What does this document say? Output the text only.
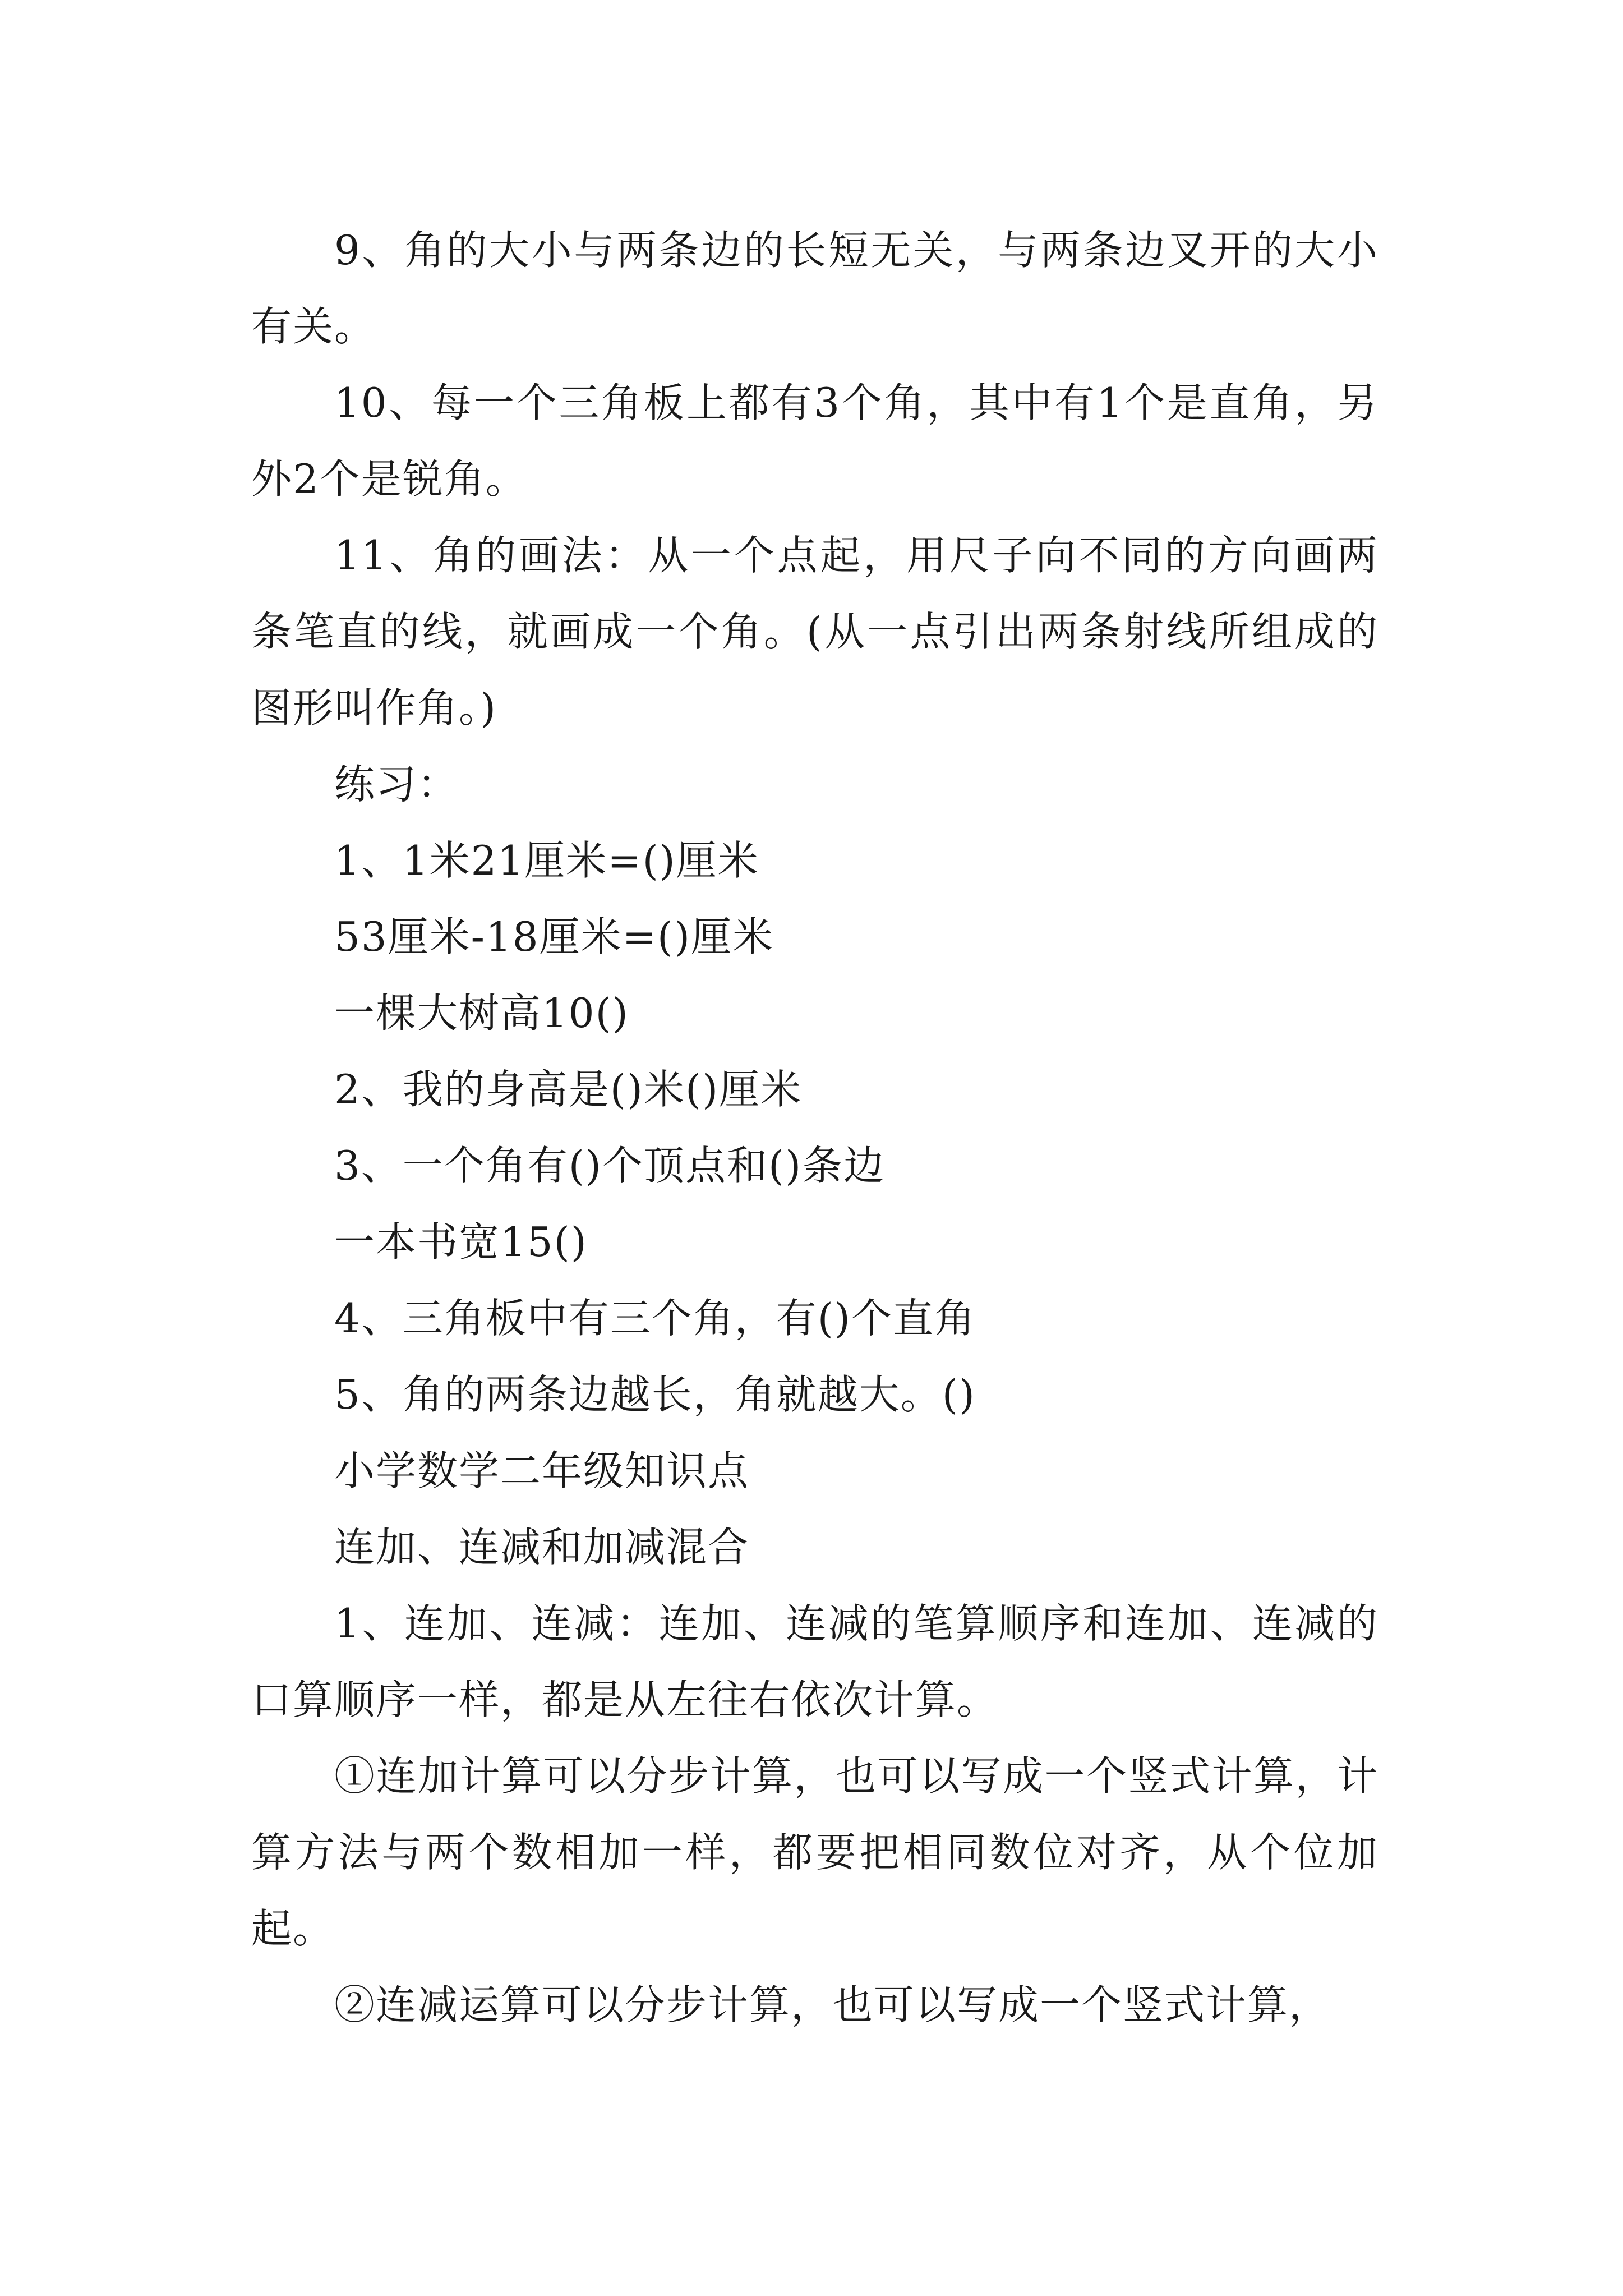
9、角的大小与两条边的长短无关，与两条边叉开的大小有关。

10、每一个三角板上都有3个角，其中有1个是直角，另外2个是锐角。

11、角的画法：从一个点起，用尺子向不同的方向画两条笔直的线，就画成一个角。(从一点引出两条射线所组成的图形叫作角。)

练习：

1、1米21厘米=()厘米

53厘米-18厘米=()厘米

一棵大树高10()

2、我的身高是()米()厘米

3、一个角有()个顶点和()条边

一本书宽15()

4、三角板中有三个角，有()个直角

5、角的两条边越长，角就越大。()

小学数学二年级知识点

连加、连减和加减混合

1、连加、连减：连加、连减的笔算顺序和连加、连减的口算顺序一样，都是从左往右依次计算。

①连加计算可以分步计算，也可以写成一个竖式计算，计算方法与两个数相加一样，都要把相同数位对齐，从个位加起。

②连减运算可以分步计算，也可以写成一个竖式计算，
